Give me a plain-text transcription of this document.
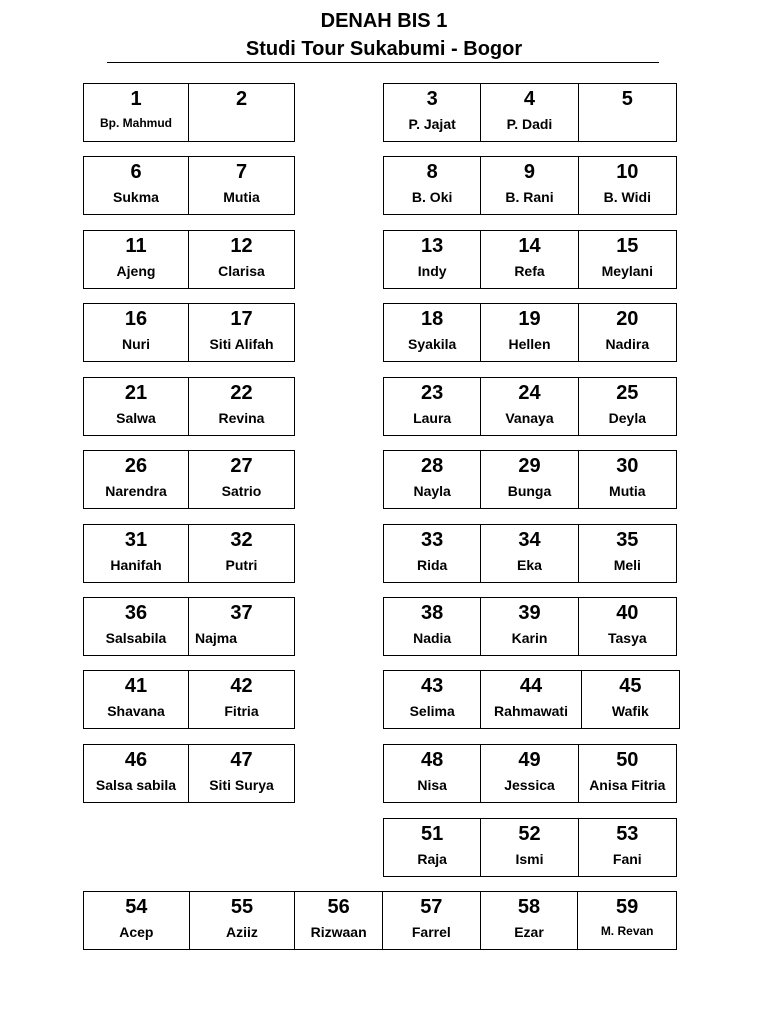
DENAH BIS 1
Studi Tour Sukabumi - Bogor
1
Bp. Mahmud
2
6
Sukma
7
Mutia
11
Ajeng
12
Clarisa
16
Nuri
17
Siti Alifah
21
Salwa
22
Revina
26
Narendra
27
Satrio
31
Hanifah
32
Putri
36
Salsabila
37
Najma
41
Shavana
42
Fitria
46
Salsa sabila
47
Siti Surya
3
P. Jajat
4
P. Dadi
5
8
B. Oki
9
B. Rani
10
B. Widi
13
Indy
14
Refa
15
Meylani
18
Syakila
19
Hellen
20
Nadira
23
Laura
24
Vanaya
25
Deyla
28
Nayla
29
Bunga
30
Mutia
33
Rida
34
Eka
35
Meli
38
Nadia
39
Karin
40
Tasya
43
Selima
44
Rahmawati
45
Wafik
48
Nisa
49
Jessica
50
Anisa Fitria
51
Raja
52
Ismi
53
Fani
54
Acep
55
Aziiz
56
Rizwaan
57
Farrel
58
Ezar
59
M. Revan
